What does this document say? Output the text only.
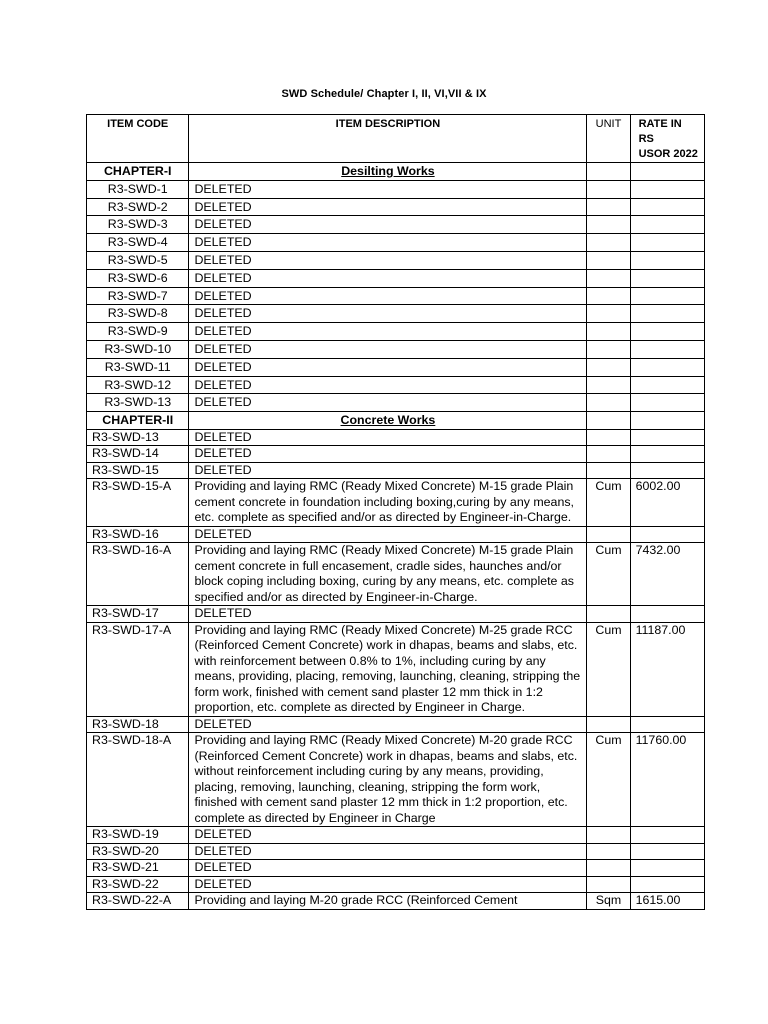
SWD Schedule/ Chapter I, II, VI,VII & IX
ITEM CODE	ITEM DESCRIPTION	UNIT	RATE IN RS
USOR 2022
CHAPTER-I	Desilting Works		
R3-SWD-1	DELETED		
R3-SWD-2	DELETED		
R3-SWD-3	DELETED		
R3-SWD-4	DELETED		
R3-SWD-5	DELETED		
R3-SWD-6	DELETED		
R3-SWD-7	DELETED		
R3-SWD-8	DELETED		
R3-SWD-9	DELETED		
R3-SWD-10	DELETED		
R3-SWD-11	DELETED		
R3-SWD-12	DELETED		
R3-SWD-13	DELETED		
CHAPTER-II	Concrete Works		
R3-SWD-13	DELETED		
R3-SWD-14	DELETED		
R3-SWD-15	DELETED		
R3-SWD-15-A	Providing and laying RMC (Ready Mixed Concrete) M-15 grade Plain cement concrete in foundation including boxing,curing by any means, etc. complete as specified and/or as directed by Engineer-in-Charge.	Cum	6002.00
R3-SWD-16	DELETED		
R3-SWD-16-A	Providing and laying RMC (Ready Mixed Concrete) M-15 grade Plain cement concrete in full encasement, cradle sides, haunches and/or block coping including boxing, curing by any means, etc. complete as specified and/or as directed by Engineer-in-Charge.	Cum	7432.00
R3-SWD-17	DELETED		
R3-SWD-17-A	Providing and laying RMC (Ready Mixed Concrete) M-25 grade RCC (Reinforced Cement Concrete) work in dhapas, beams and slabs, etc. with reinforcement between 0.8% to 1%, including curing by any means, providing, placing, removing, launching, cleaning, stripping the form work, finished with cement sand plaster 12 mm thick in 1:2 proportion, etc. complete as directed by Engineer in Charge.	Cum	11187.00
R3-SWD-18	DELETED		
R3-SWD-18-A	Providing and laying RMC (Ready Mixed Concrete) M-20 grade RCC (Reinforced Cement Concrete) work in dhapas, beams and slabs, etc. without reinforcement including curing by any means, providing, placing, removing, launching, cleaning, stripping the form work, finished with cement sand plaster 12 mm thick in 1:2 proportion, etc. complete as directed by Engineer in Charge	Cum	11760.00
R3-SWD-19	DELETED		
R3-SWD-20	DELETED		
R3-SWD-21	DELETED		
R3-SWD-22	DELETED		
R3-SWD-22-A	Providing and laying M-20 grade RCC (Reinforced Cement	Sqm	1615.00
